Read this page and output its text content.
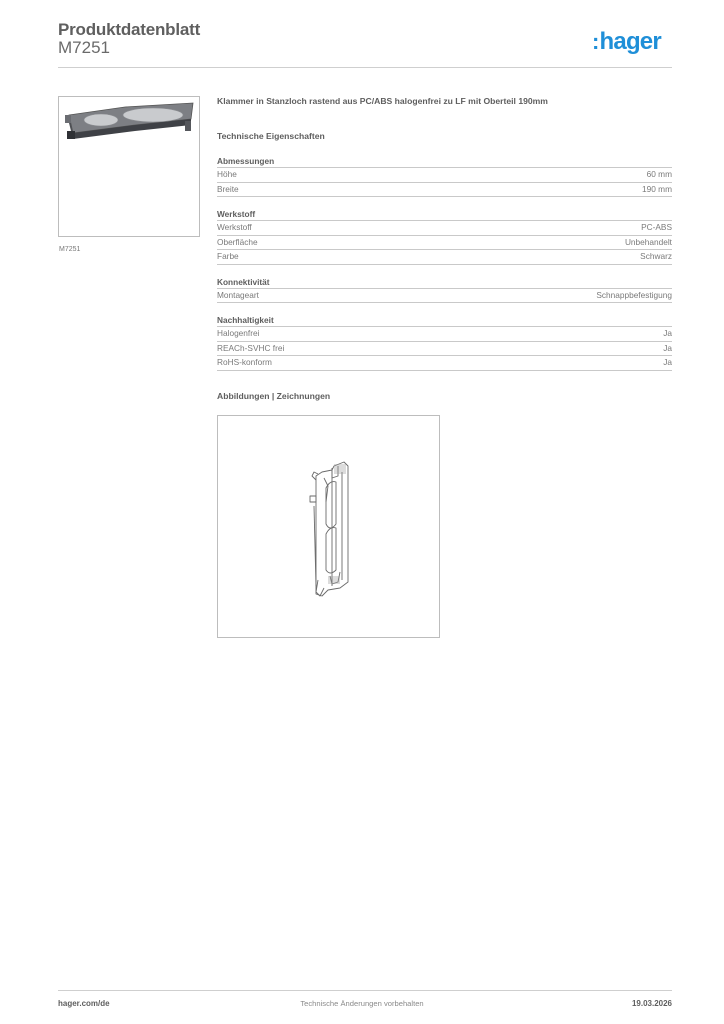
Produktdatenblatt
M7251	:hager
M7251
Klammer in Stanzloch rastend aus PC/ABS halogenfrei zu LF mit Oberteil 190mm
Technische Eigenschaften
Abmessungen
Höhe	60 mm
Breite	190 mm
Werkstoff
Werkstoff	PC-ABS
Oberfläche	Unbehandelt
Farbe	Schwarz
Konnektivität
Montageart	Schnappbefestigung
Nachhaltigkeit
Halogenfrei	Ja
REACh-SVHC frei	Ja
RoHS-konform	Ja
Abbildungen | Zeichnungen
hager.com/de	Technische Änderungen vorbehalten	19.03.2026
